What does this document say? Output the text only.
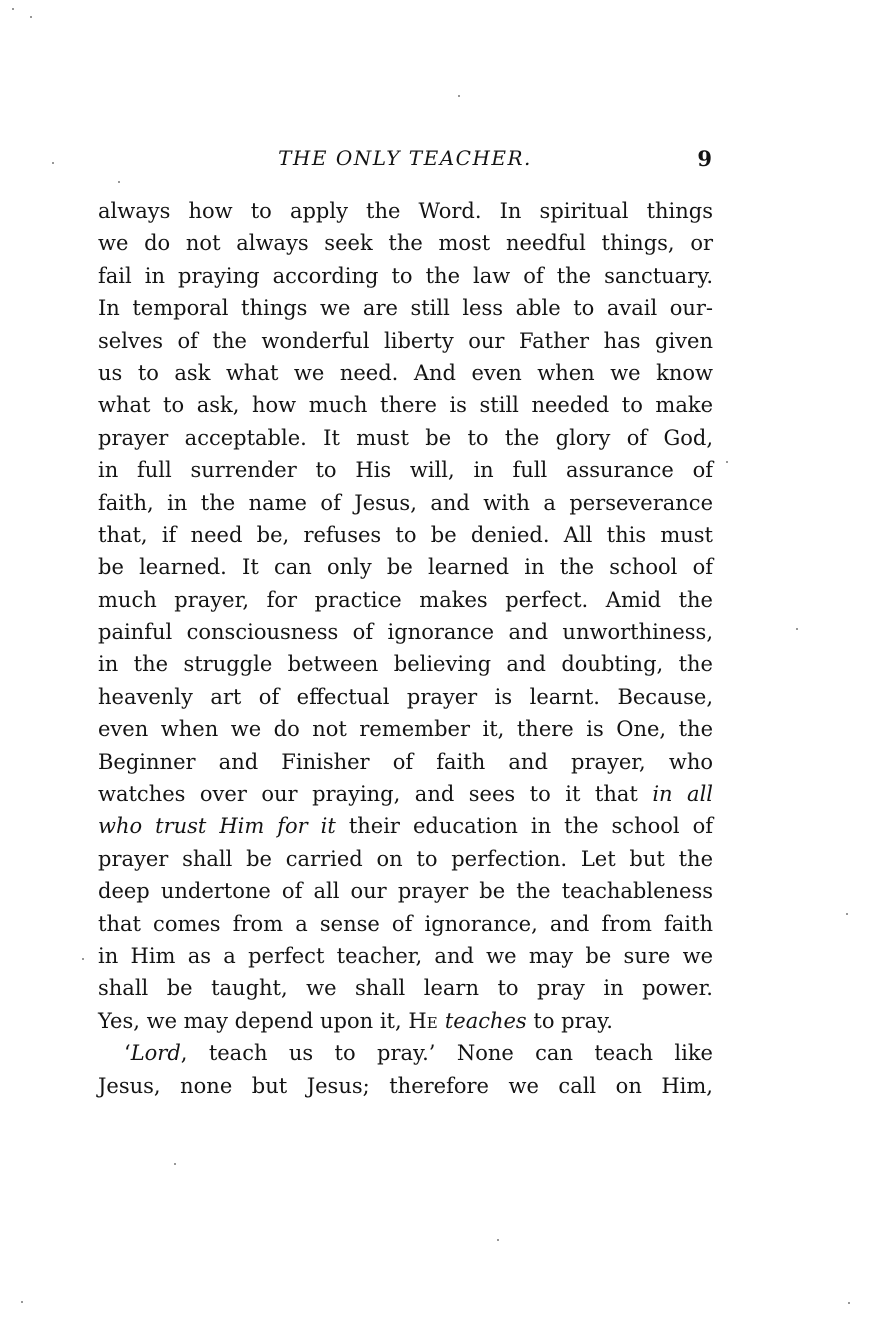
THE ONLY TEACHER.	9
always how to apply the Word. In spiritual things
we do not always seek the most needful things, or
fail in praying according to the law of the sanctuary.
In temporal things we are still less able to avail our-
selves of the wonderful liberty our Father has given
us to ask what we need. And even when we know
what to ask, how much there is still needed to make
prayer acceptable. It must be to the glory of God,
in full surrender to His will, in full assurance of
faith, in the name of Jesus, and with a perseverance
that, if need be, refuses to be denied. All this must
be learned. It can only be learned in the school of
much prayer, for practice makes perfect. Amid the
painful consciousness of ignorance and unworthiness,
in the struggle between believing and doubting, the
heavenly art of effectual prayer is learnt. Because,
even when we do not remember it, there is One, the
Beginner and Finisher of faith and prayer, who
watches over our praying, and sees to it that in all
who trust Him for it their education in the school of
prayer shall be carried on to perfection. Let but the
deep undertone of all our prayer be the teachableness
that comes from a sense of ignorance, and from faith
in Him as a perfect teacher, and we may be sure we
shall be taught, we shall learn to pray in power.
Yes, we may depend upon it, HE teaches to pray.
‘Lord, teach us to pray.’ None can teach like
Jesus, none but Jesus; therefore we call on Him,
